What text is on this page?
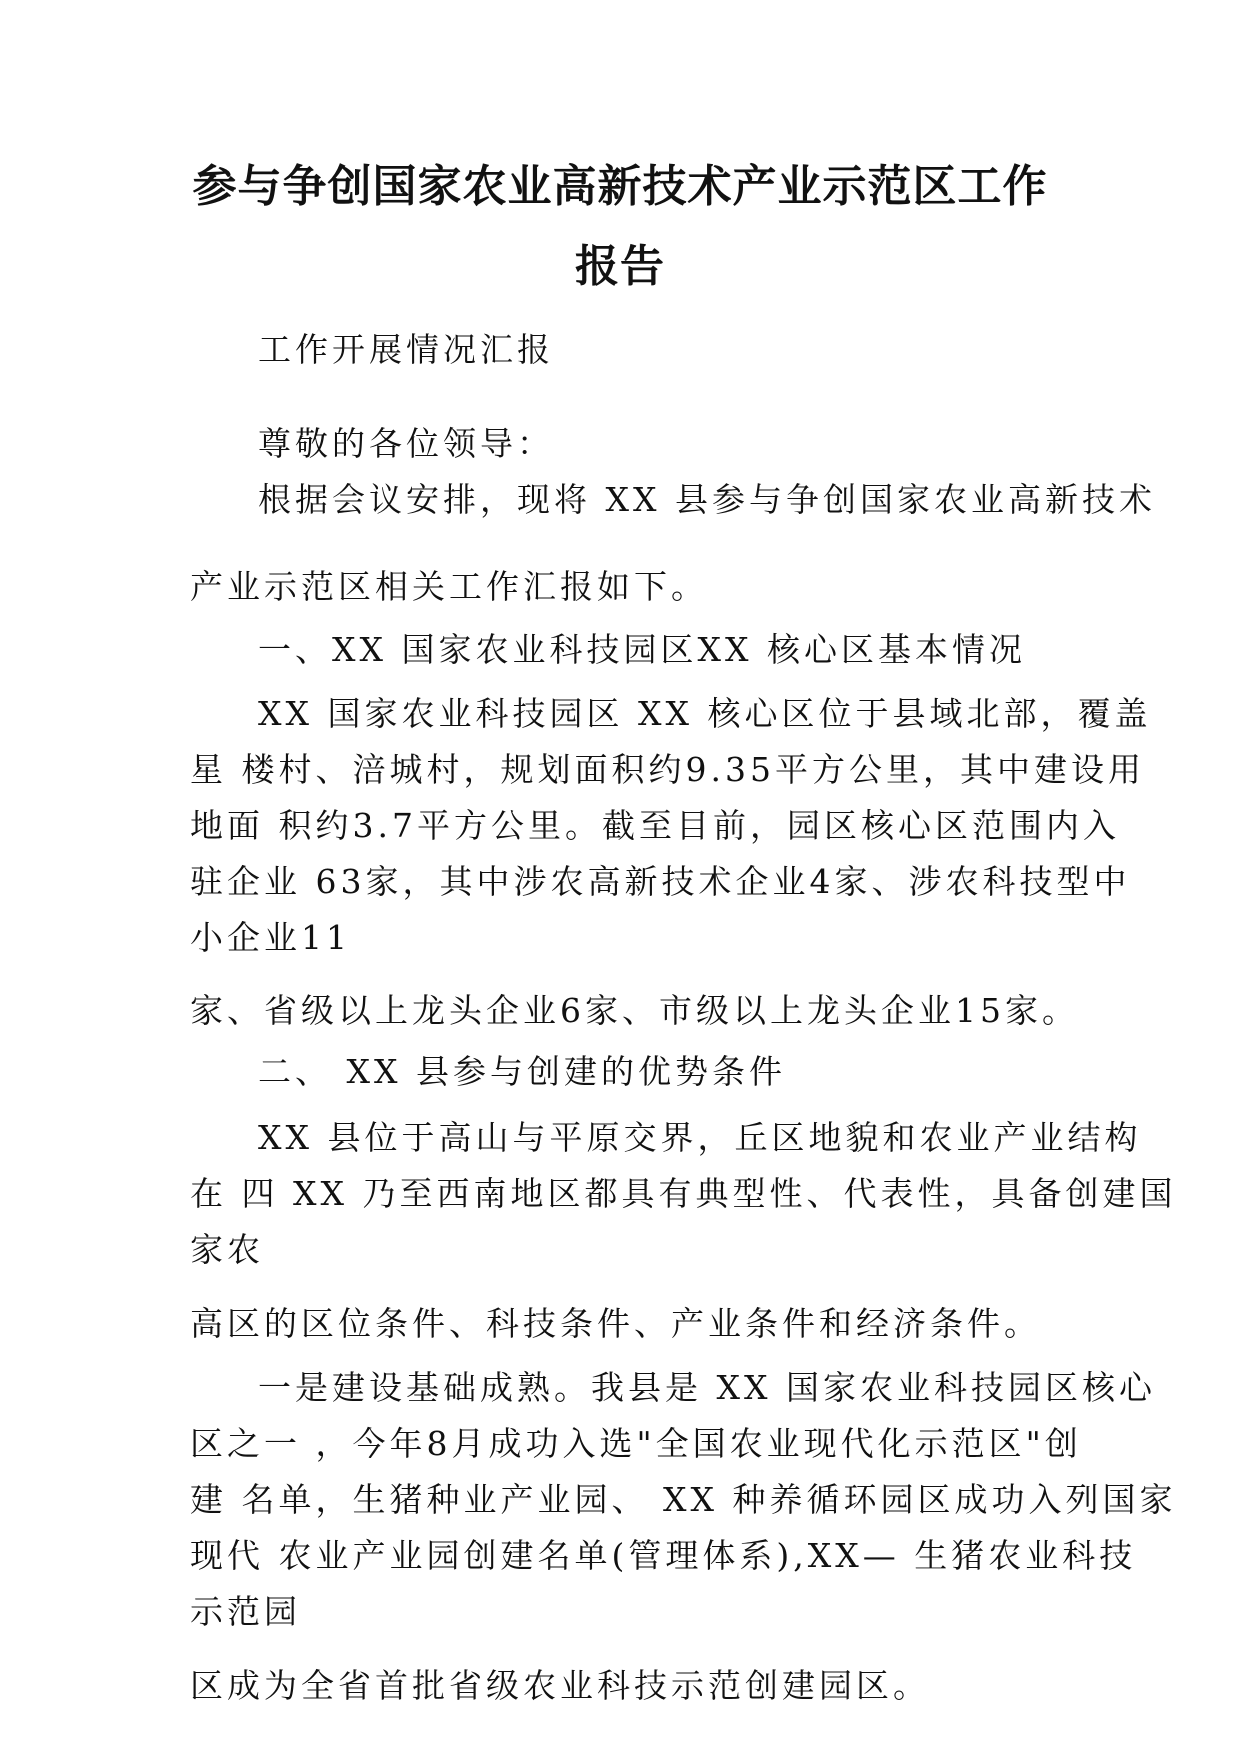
参与争创国家农业高新技术产业示范区工作
报告
工作开展情况汇报
尊敬的各位领导：
根据会议安排，现将 XX 县参与争创国家农业高新技术
产业示范区相关工作汇报如下。
一、XX 国家农业科技园区XX 核心区基本情况
XX 国家农业科技园区 XX 核心区位于县域北部，覆盖
星 楼村、涪城村，规划面积约9.35平方公里，其中建设用
地面 积约3.7平方公里。截至目前，园区核心区范围内入
驻企业 63家，其中涉农高新技术企业4家、涉农科技型中
小企业11
家、省级以上龙头企业6家、市级以上龙头企业15家。
二、 XX 县参与创建的优势条件
XX 县位于高山与平原交界，丘区地貌和农业产业结构
在 四 XX 乃至西南地区都具有典型性、代表性，具备创建国
家农
高区的区位条件、科技条件、产业条件和经济条件。
一是建设基础成熟。我县是 XX 国家农业科技园区核心
区之一 ，今年8月成功入选"全国农业现代化示范区"创
建 名单，生猪种业产业园、 XX 种养循环园区成功入列国家
现代 农业产业园创建名单(管理体系),XX— 生猪农业科技
示范园
区成为全省首批省级农业科技示范创建园区。
